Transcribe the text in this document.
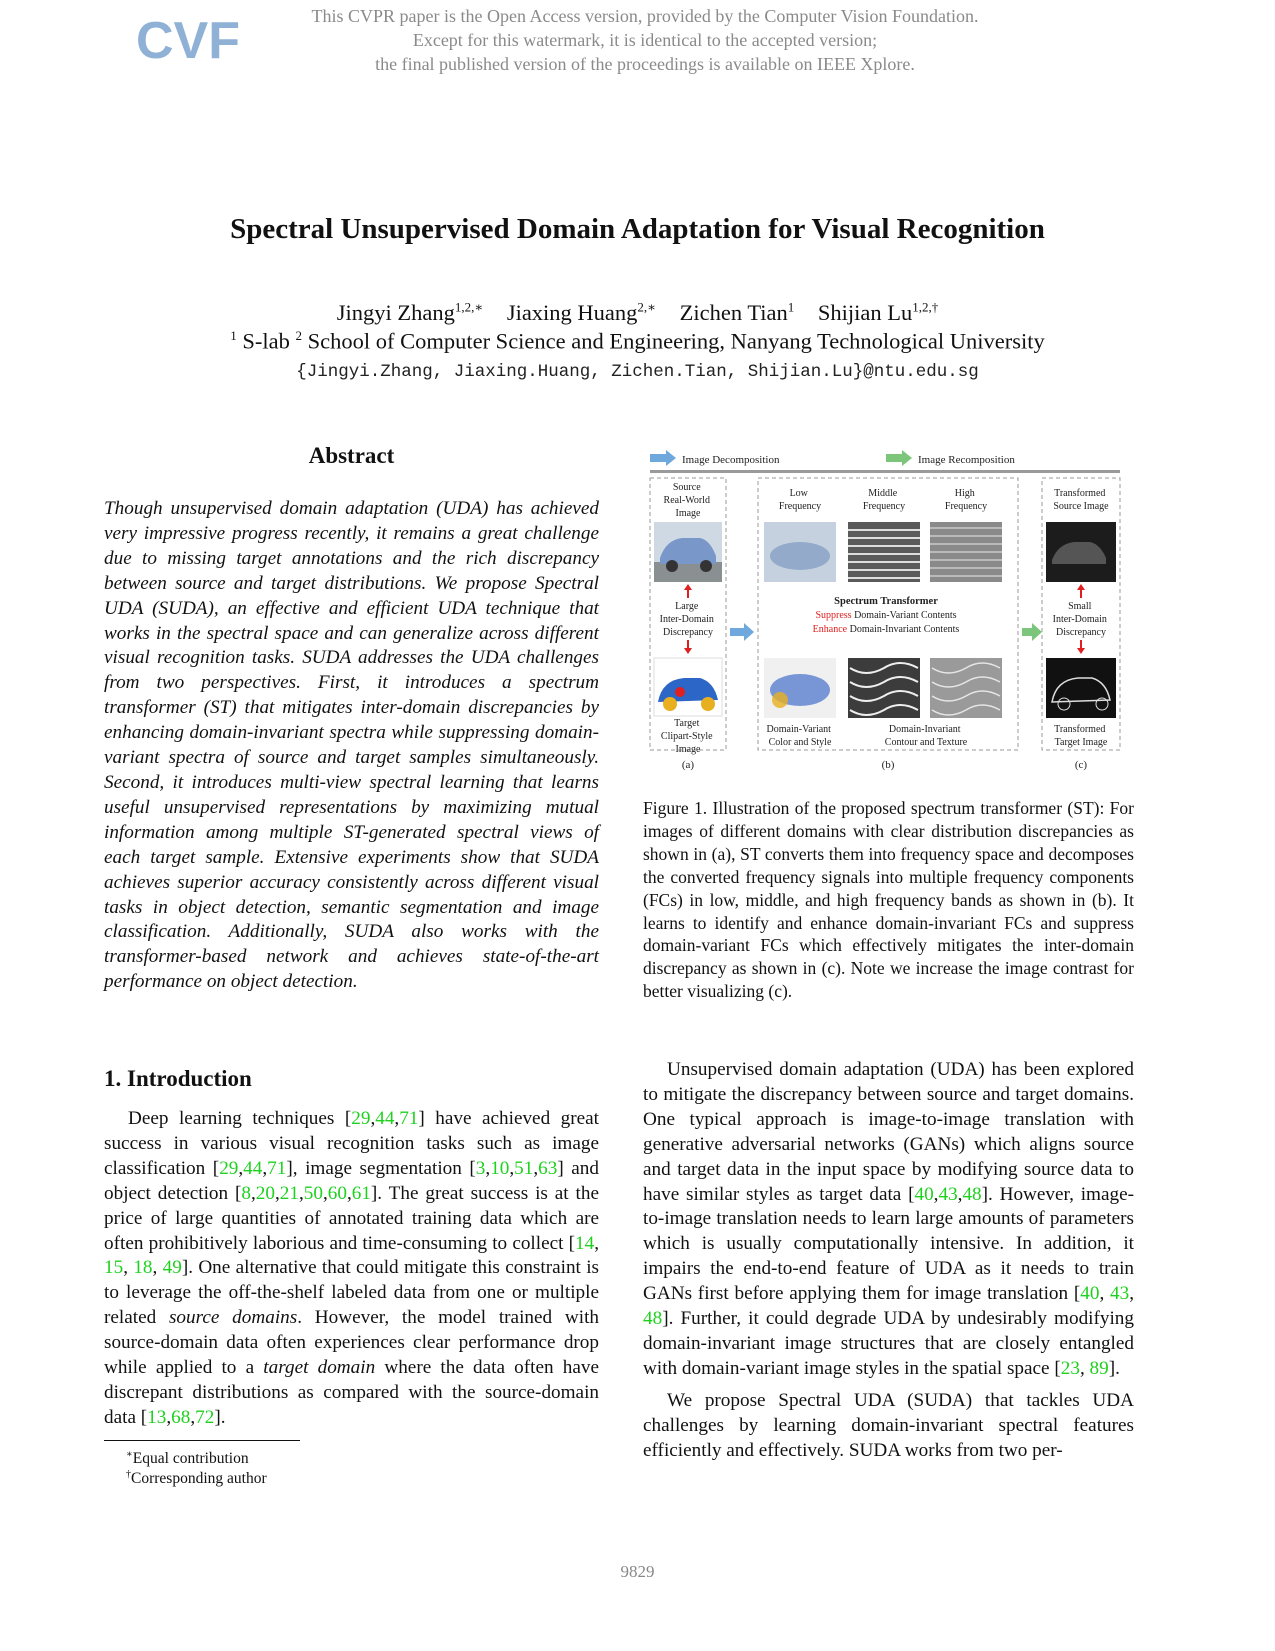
CVF	This CVPR paper is the Open Access version, provided by the Computer Vision Foundation.
Except for this watermark, it is identical to the accepted version;
the final published version of the proceedings is available on IEEE Xplore.
Spectral Unsupervised Domain Adaptation for Visual Recognition
Jingyi Zhang$^{1,2,∗}$ Jiaxing Huang$^{2,∗}$ Zichen Tian$^1$ Shijian $Lu^{1,2,\dagger}$
$^1$ S-lab $^2$ School of Computer Science and Engineering, Nanyang Technological University
{Jingyi.Zhang, Jiaxing.Huang, Zichen.Tian, Shijian.Lu}@ntu.edu.sg
Abstract
Though unsupervised domain adaptation (UDA) has achieved very impressive progress recently, it remains a great challenge due to missing target annotations and the rich discrepancy between source and target distributions. We propose Spectral UDA (SUDA), an effective and efficient UDA technique that works in the spectral space and can generalize across different visual recognition tasks. SUDA addresses the UDA challenges from two perspectives. First, it introduces a spectrum transformer (ST) that mitigates inter-domain discrepancies by enhancing domain-invariant spectra while suppressing domain-variant spectra of source and target samples simultaneously. Second, it introduces multi-view spectral learning that learns useful unsupervised representations by maximizing mutual information among multiple ST-generated spectral views of each target sample. Extensive experiments show that SUDA achieves superior accuracy consistently across different visual tasks in object detection, semantic segmentation and image classification. Additionally, SUDA also works with the transformer-based network and achieves state-of-the-art performance on object detection.
Image Decomposition	Image Recomposition
Source Real-World Image
Large Inter-Domain Discrepancy
Target Clipart-Style Image
(a)
Low Frequency
Middle Frequency
High Frequency
Spectrum Transformer
Suppress Domain-Variant Contents
Enhance Domain-Invariant Contents
Domain-Variant Color and Style
Domain-Invariant Contour and Texture
(b)
Transformed Source Image
Small Inter-Domain Discrepancy
Transformed Target Image
(c)
Figure 1. Illustration of the proposed spectrum transformer (ST): For images of different domains with clear distribution discrepancies as shown in (a), ST converts them into frequency space and decomposes the converted frequency signals into multiple frequency components (FCs) in low, middle, and high frequency bands as shown in (b). It learns to identify and enhance domain-invariant FCs and suppress domain-variant FCs which effectively mitigates the inter-domain discrepancy as shown in (c). Note we increase the image contrast for better visualizing (c).
1. Introduction

Deep learning techniques [29,44,71] have achieved great success in various visual recognition tasks such as image classification [29,44,71], image segmentation [3,10,51,63] and object detection [8,20,21,50,60,61]. The great success is at the price of large quantities of annotated training data which are often prohibitively laborious and time-consuming to collect [14, 15, 18, 49]. One alternative that could mitigate this constraint is to leverage the off-the-shelf labeled data from one or multiple related source domains. However, the model trained with source-domain data often experiences clear performance drop while applied to a target domain where the data often have discrepant distributions as compared with the source-domain data [13,68,72].

Unsupervised domain adaptation (UDA) has been explored to mitigate the discrepancy between source and target domains. One typical approach is image-to-image translation with generative adversarial networks (GANs) which aligns source and target data in the input space by modifying source data to have similar styles as target data [40,43,48]. However, image-to-image translation needs to learn large amounts of parameters which is usually computationally intensive. In addition, it impairs the end-to-end feature of UDA as it needs to train GANs first before applying them for image translation [40, 43, 48]. Further, it could degrade UDA by undesirably modifying domain-invariant image structures that are closely entangled with domain-variant image styles in the spatial space [23, 89].

We propose Spectral UDA (SUDA) that tackles UDA challenges by learning domain-invariant spectral features efficiently and effectively. SUDA works from two per-

∗Equal contribution
†Corresponding author
9829
